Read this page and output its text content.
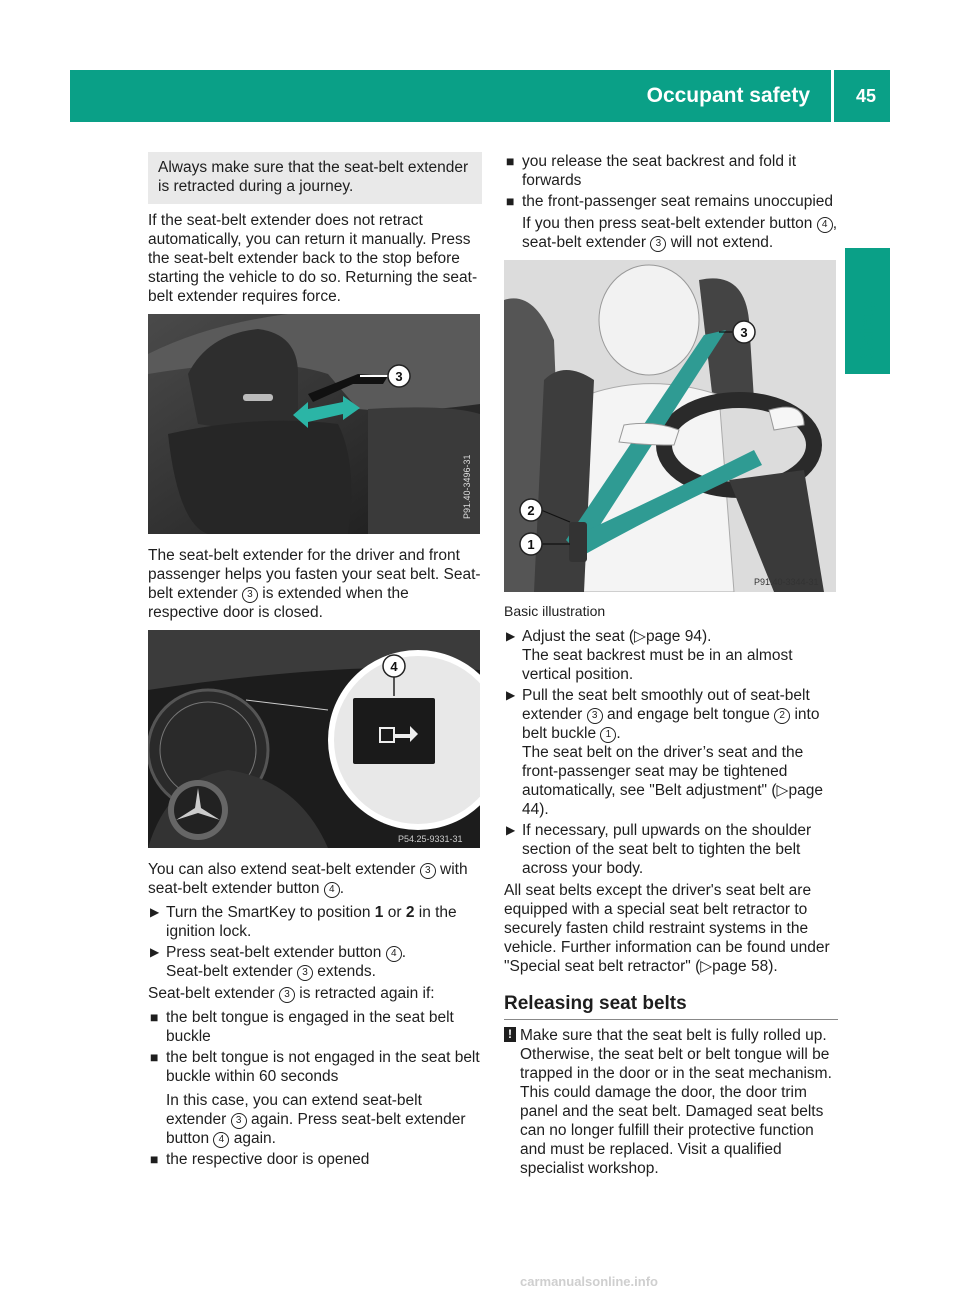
Occupant safety	45
Safety
Always make sure that the seat-belt extender is retracted during a journey.

If the seat-belt extender does not retract automatically, you can return it manually. Press the seat-belt extender back to the stop before starting the vehicle to do so. Returning the seat-belt extender requires force.

3
P91.40-3496-31

The seat-belt extender for the driver and front passenger helps you fasten your seat belt. Seat-belt extender 3 is extended when the respective door is closed.

4
P54.25-9331-31

You can also extend seat-belt extender 3 with seat-belt extender button 4 .

▶ Turn the SmartKey to position 1 or 2 in the ignition lock.
▶ Press seat-belt extender button 4 .
Seat-belt extender 3 extends.

Seat-belt extender 3 is retracted again if:

■ the belt tongue is engaged in the seat belt buckle
■ the belt tongue is not engaged in the seat belt buckle within 60 seconds
In this case, you can extend seat-belt extender 3 again. Press seat-belt extender button 4 again.
■ the respective door is opened
■ you release the seat backrest and fold it forwards
■ the front-passenger seat remains unoccupied
If you then press seat-belt extender button 4 , seat-belt extender 3 will not extend.
3
2
1
P91.40-3344-31
Basic illustration
▶ Adjust the seat (▷page 94).
The seat backrest must be in an almost vertical position.
▶ Pull the seat belt smoothly out of seat-belt extender 3 and engage belt tongue 2 into belt buckle 1 .
The seat belt on the driver’s seat and the front-passenger seat may be tightened automatically, see "Belt adjustment" (▷page 44).
▶ If necessary, pull upwards on the shoulder section of the seat belt to tighten the belt across your body.

All seat belts except the driver's seat belt are equipped with a special seat belt retractor to securely fasten child restraint systems in the vehicle. Further information can be found under "Special seat belt retractor" (▷page 58).

Releasing seat belts
! Make sure that the seat belt is fully rolled up. Otherwise, the seat belt or belt tongue will be trapped in the door or in the seat mechanism. This could damage the door, the door trim panel and the seat belt. Damaged seat belts can no longer fulfill their protective function and must be replaced. Visit a qualified specialist workshop.
carmanualsonline.info
